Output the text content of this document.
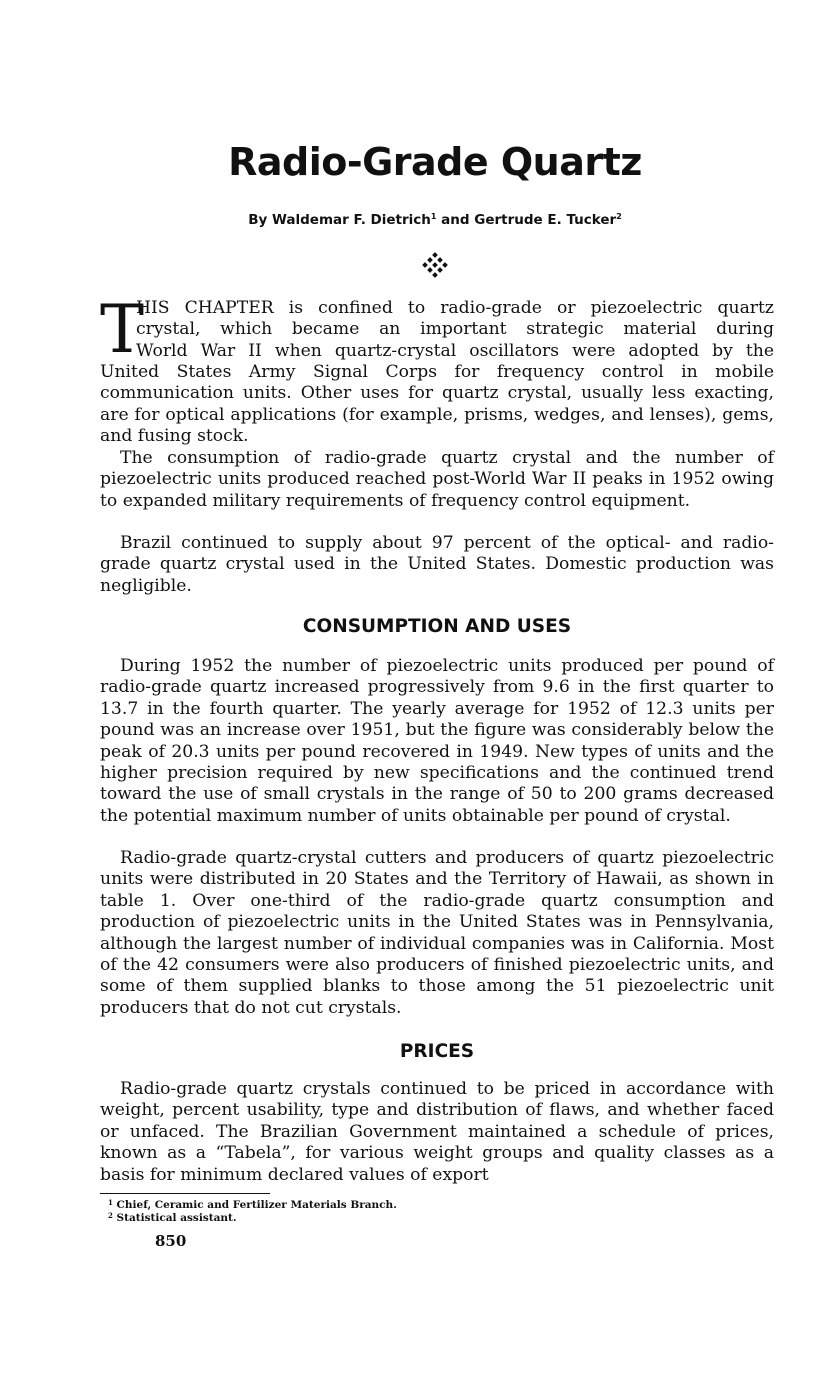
Radio-Grade Quartz
By Waldemar F. Dietrich$^1$ and Gertrude E. Tucker$^2$
T
HIS CHAPTER is confined to radio-grade or piezoelectric quartz
crystal, which became an important strategic material during
World War II when quartz-crystal oscillators were adopted by the

United States Army Signal Corps for frequency control in mobile communication units. Other uses for quartz crystal, usually less exacting, are for optical applications (for example, prisms, wedges, and lenses), gems, and fusing stock.

The consumption of radio-grade quartz crystal and the number of piezoelectric units produced reached post-World War II peaks in 1952 owing to expanded military requirements of frequency control equipment.

Brazil continued to supply about 97 percent of the optical- and radio-grade quartz crystal used in the United States. Domestic production was negligible.

CONSUMPTION AND USES

During 1952 the number of piezoelectric units produced per pound of radio-grade quartz increased progressively from 9.6 in the first quarter to 13.7 in the fourth quarter. The yearly average for 1952 of 12.3 units per pound was an increase over 1951, but the figure was considerably below the peak of 20.3 units per pound recovered in 1949. New types of units and the higher precision required by new specifications and the continued trend toward the use of small crystals in the range of 50 to 200 grams decreased the potential maximum number of units obtainable per pound of crystal.

Radio-grade quartz-crystal cutters and producers of quartz piezoelectric units were distributed in 20 States and the Territory of Hawaii, as shown in table 1. Over one-third of the radio-grade quartz consumption and production of piezoelectric units in the United States was in Pennsylvania, although the largest number of individual companies was in California. Most of the 42 consumers were also producers of finished piezoelectric units, and some of them supplied blanks to those among the 51 piezoelectric unit producers that do not cut crystals.

PRICES

Radio-grade quartz crystals continued to be priced in accordance with weight, percent usability, type and distribution of flaws, and whether faced or unfaced. The Brazilian Government maintained a schedule of prices, known as a “Tabela”, for various weight groups and quality classes as a basis for minimum declared values of export

$^1$ Chief, Ceramic and Fertilizer Materials Branch.
$^2$ Statistical assistant.
850
